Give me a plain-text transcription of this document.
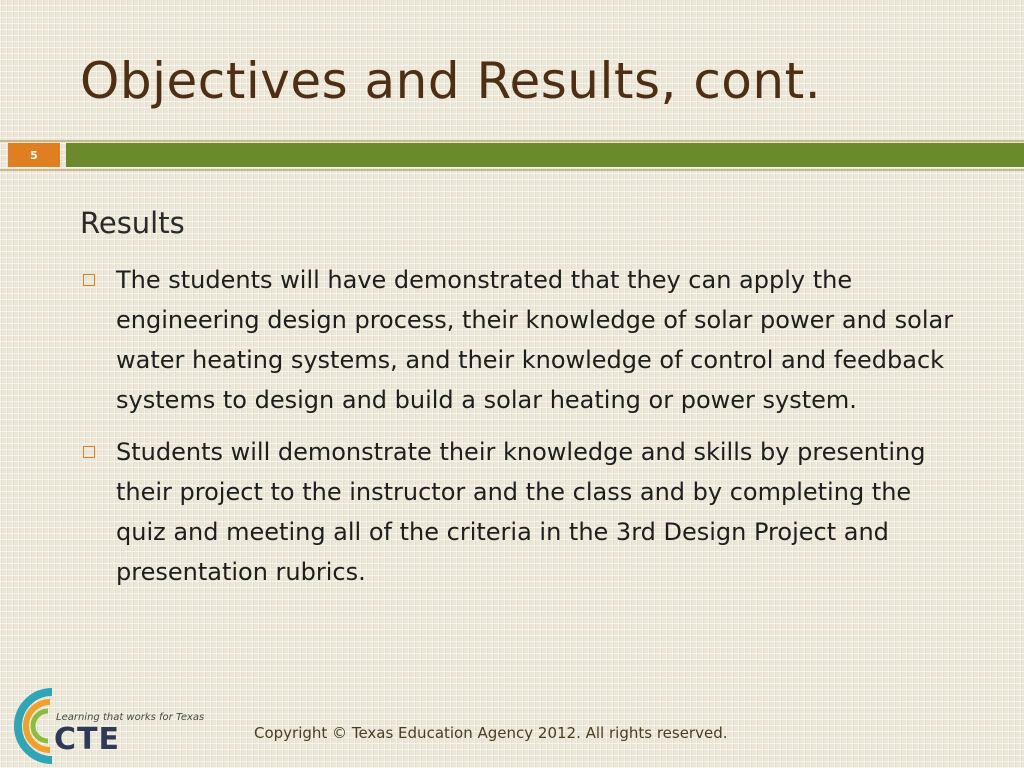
Objectives and Results, cont.
5
Results
The students will have demonstrated that they can apply the engineering design process, their knowledge of solar power and solar water heating systems, and their knowledge of control and feedback systems to design and build a solar heating or power system.
Students will demonstrate their knowledge and skills by presenting their project to the instructor and the class and by completing the quiz and meeting all of the criteria in the 3rd Design Project and presentation rubrics.
Learning that works for Texas
CTE	Copyright © Texas Education Agency 2012. All rights reserved.
